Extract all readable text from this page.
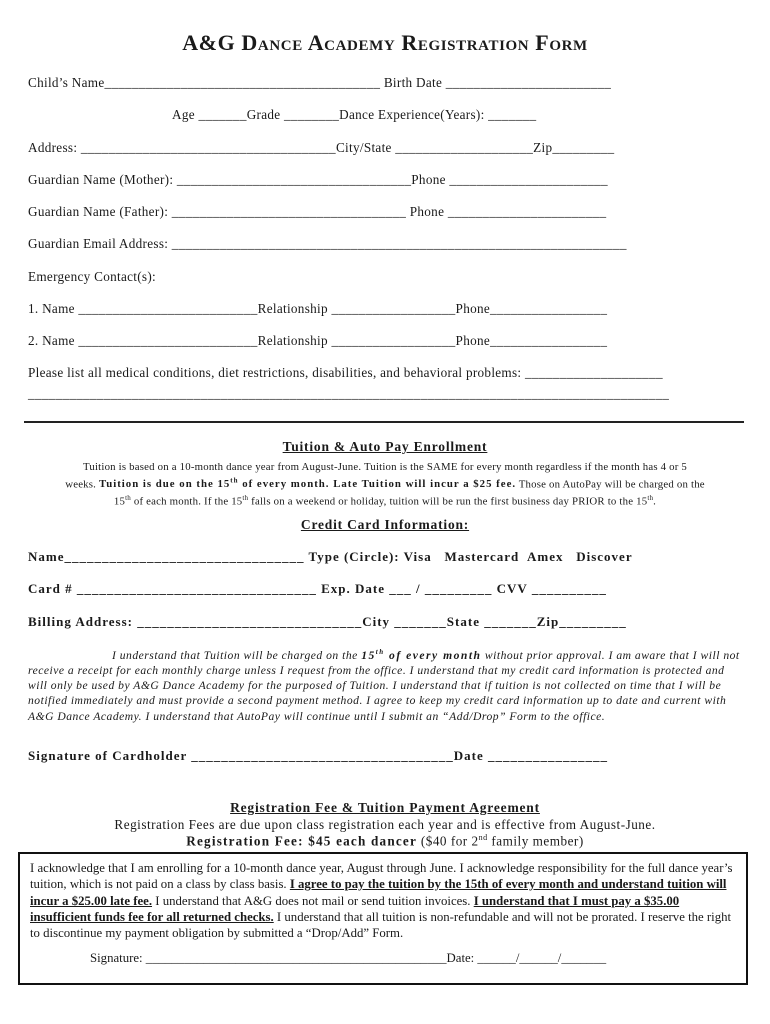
A&G Dance Academy Registration Form
Child’s Name________________________________________ Birth Date ________________________
Age _______Grade ________Dance Experience(Years): _______
Address: _____________________________________City/State ____________________Zip_________
Guardian Name (Mother): __________________________________Phone _______________________
Guardian Name (Father): __________________________________ Phone _______________________
Guardian Email Address: __________________________________________________________________
Emergency Contact(s):
1. Name __________________________Relationship __________________Phone_________________
2. Name __________________________Relationship __________________Phone_________________
Please list all medical conditions, diet restrictions, disabilities, and behavioral problems: ____________________
_____________________________________________________________________________________________
Tuition & Auto Pay Enrollment
Tuition is based on a 10-month dance year from August-June. Tuition is the SAME for every month regardless if the month has 4 or 5
weeks. Tuition is due on the 15th of every month. Late Tuition will incur a $25 fee. Those on AutoPay will be charged on the
15th of each month. If the 15th falls on a weekend or holiday, tuition will be run the first business day PRIOR to the 15th.
Credit Card Information:
Name________________________________ Type (Circle): Visa   Mastercard  Amex   Discover
Card # ________________________________ Exp. Date ___ / _________ CVV __________
Billing Address: ______________________________City _______State _______Zip_________
I understand that Tuition will be charged on the 15th of every month without prior approval. I am aware that I will not receive a receipt for each monthly charge unless I request from the office. I understand that my credit card information is protected and will only be used by A&G Dance Academy for the purposed of Tuition. I understand that if tuition is not collected on time that I will be notified immediately and must provide a second payment method. I agree to keep my credit card information up to date and current with A&G Dance Academy. I understand that AutoPay will continue until I submit an “Add/Drop” Form to the office.
Signature of Cardholder ___________________________________Date ________________
Registration Fee & Tuition Payment Agreement
Registration Fees are due upon class registration each year and is effective from August-June.
Registration Fee: $45 each dancer ($40 for 2nd family member)
I acknowledge that I am enrolling for a 10-month dance year, August through June. I acknowledge responsibility for the full dance year’s tuition, which is not paid on a class by class basis. I agree to pay the tuition by the 15th of every month and understand tuition will incur a $25.00 late fee. I understand that A&G does not mail or send tuition invoices. I understand that I must pay a $35.00 insufficient funds fee for all returned checks. I understand that all tuition is non-refundable and will not be prorated. I reserve the right to discontinue my payment obligation by submitted a “Drop/Add” Form.
Signature: _______________________________________________Date: ______/______/_______
